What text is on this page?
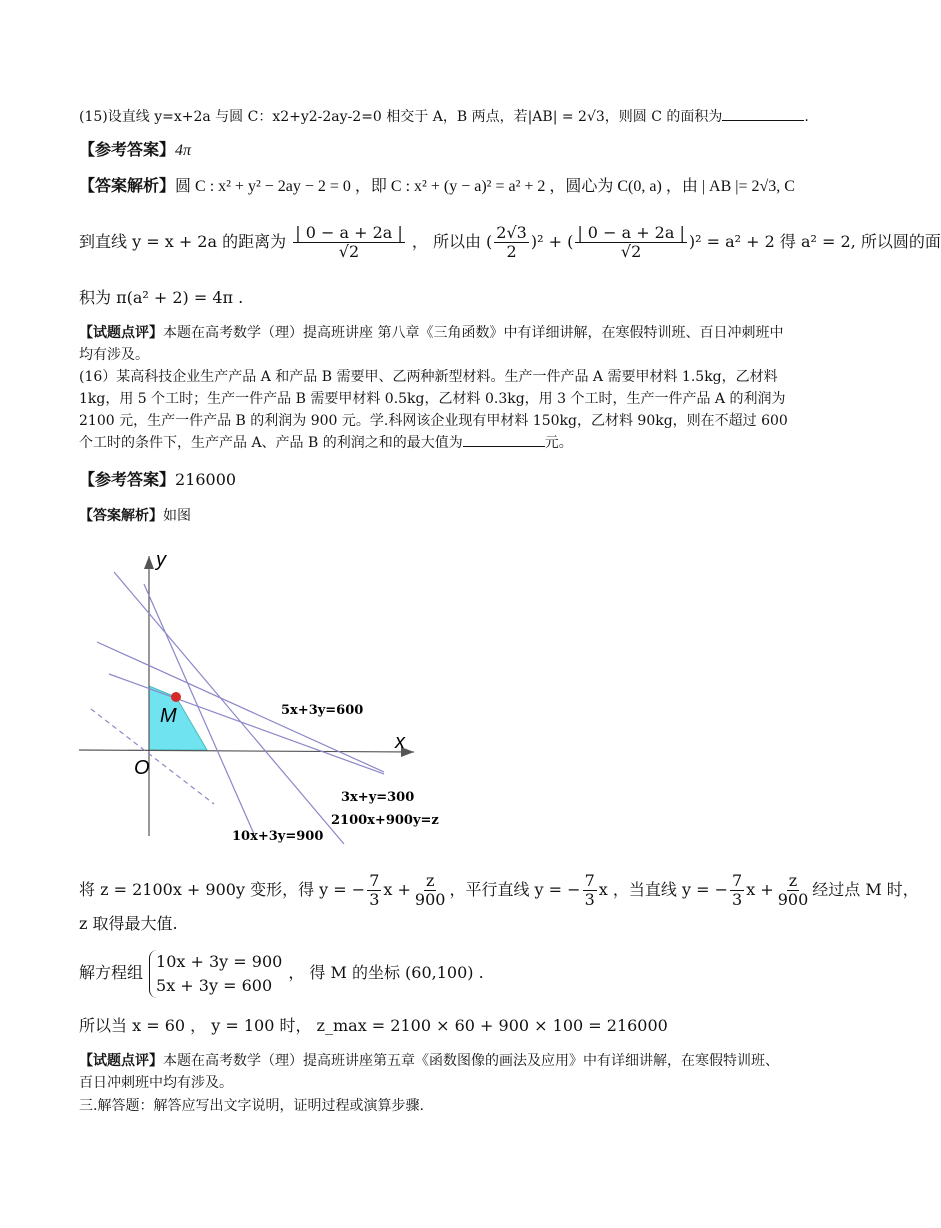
(15)设直线 y=x+2a 与圆 C：x2+y2-2ay-2=0 相交于 A，B 两点，若|AB| = 2√3，则圆 C 的面积为	.
【参考答案】4π
【答案解析】圆 C : x² + y² − 2ay − 2 = 0 ，即 C : x² + (y − a)² = a² + 2 ，圆心为 C(0, a) ，由 | AB |= 2√3, C
到直线 y = x + 2a 的距离为 $\frac{| 0 - a + 2a |}{√2}$ ， 所以由 ( $\frac{2√3}{2} )^2$ + ( $\frac{| 0 - a + 2a |}{√2} )^2 = a^2 + 2$ 得 a² = 2, 所以圆的面
积为 π(a² + 2) = 4π .
【试题点评】本题在高考数学（理）提高班讲座 第八章《三角函数》中有详细讲解，在寒假特训班、百日冲刺班中均有涉及。
(16）某高科技企业生产产品 A 和产品 B 需要甲、乙两种新型材料。生产一件产品 A 需要甲材料 1.5kg，乙材料 1kg，用 5 个工时；生产一件产品 B 需要甲材料 0.5kg，乙材料 0.3kg，用 3 个工时，生产一件产品 A 的利润为 2100 元，生产一件产品 B 的利润为 900 元。学.科网该企业现有甲材料 150kg，乙材料 90kg，则在不超过 600 个工时的条件下，生产产品 A、产品 B 的利润之和的最大值为	元。
【参考答案】216000
【答案解析】如图
y
x
O
M	5x+3y=600
3x+y=300
2100x+900y=z
10x+3y=900
将 z = 2100x + 900y 变形，得 y = − $\frac{7}{3}$ $x + \frac{z}{900}$ ，平行直线 y = − $\frac{7}{3}$ x ，当直线 y = − $\frac{7}{3}$ $x + \frac{z}{900}$ 经过点 M 时，
z 取得最大值.
解方程组
10x + 3y = 900
5x + 3y = 600
， 得 M 的坐标 (60,100) .
所以当 x = 60 ， y = 100 时， z_max = 2100 × 60 + 900 × 100 = 216000
【试题点评】本题在高考数学（理）提高班讲座第五章《函数图像的画法及应用》中有详细讲解，在寒假特训班、百日冲刺班中均有涉及。
三.解答题：解答应写出文字说明，证明过程或演算步骤.
